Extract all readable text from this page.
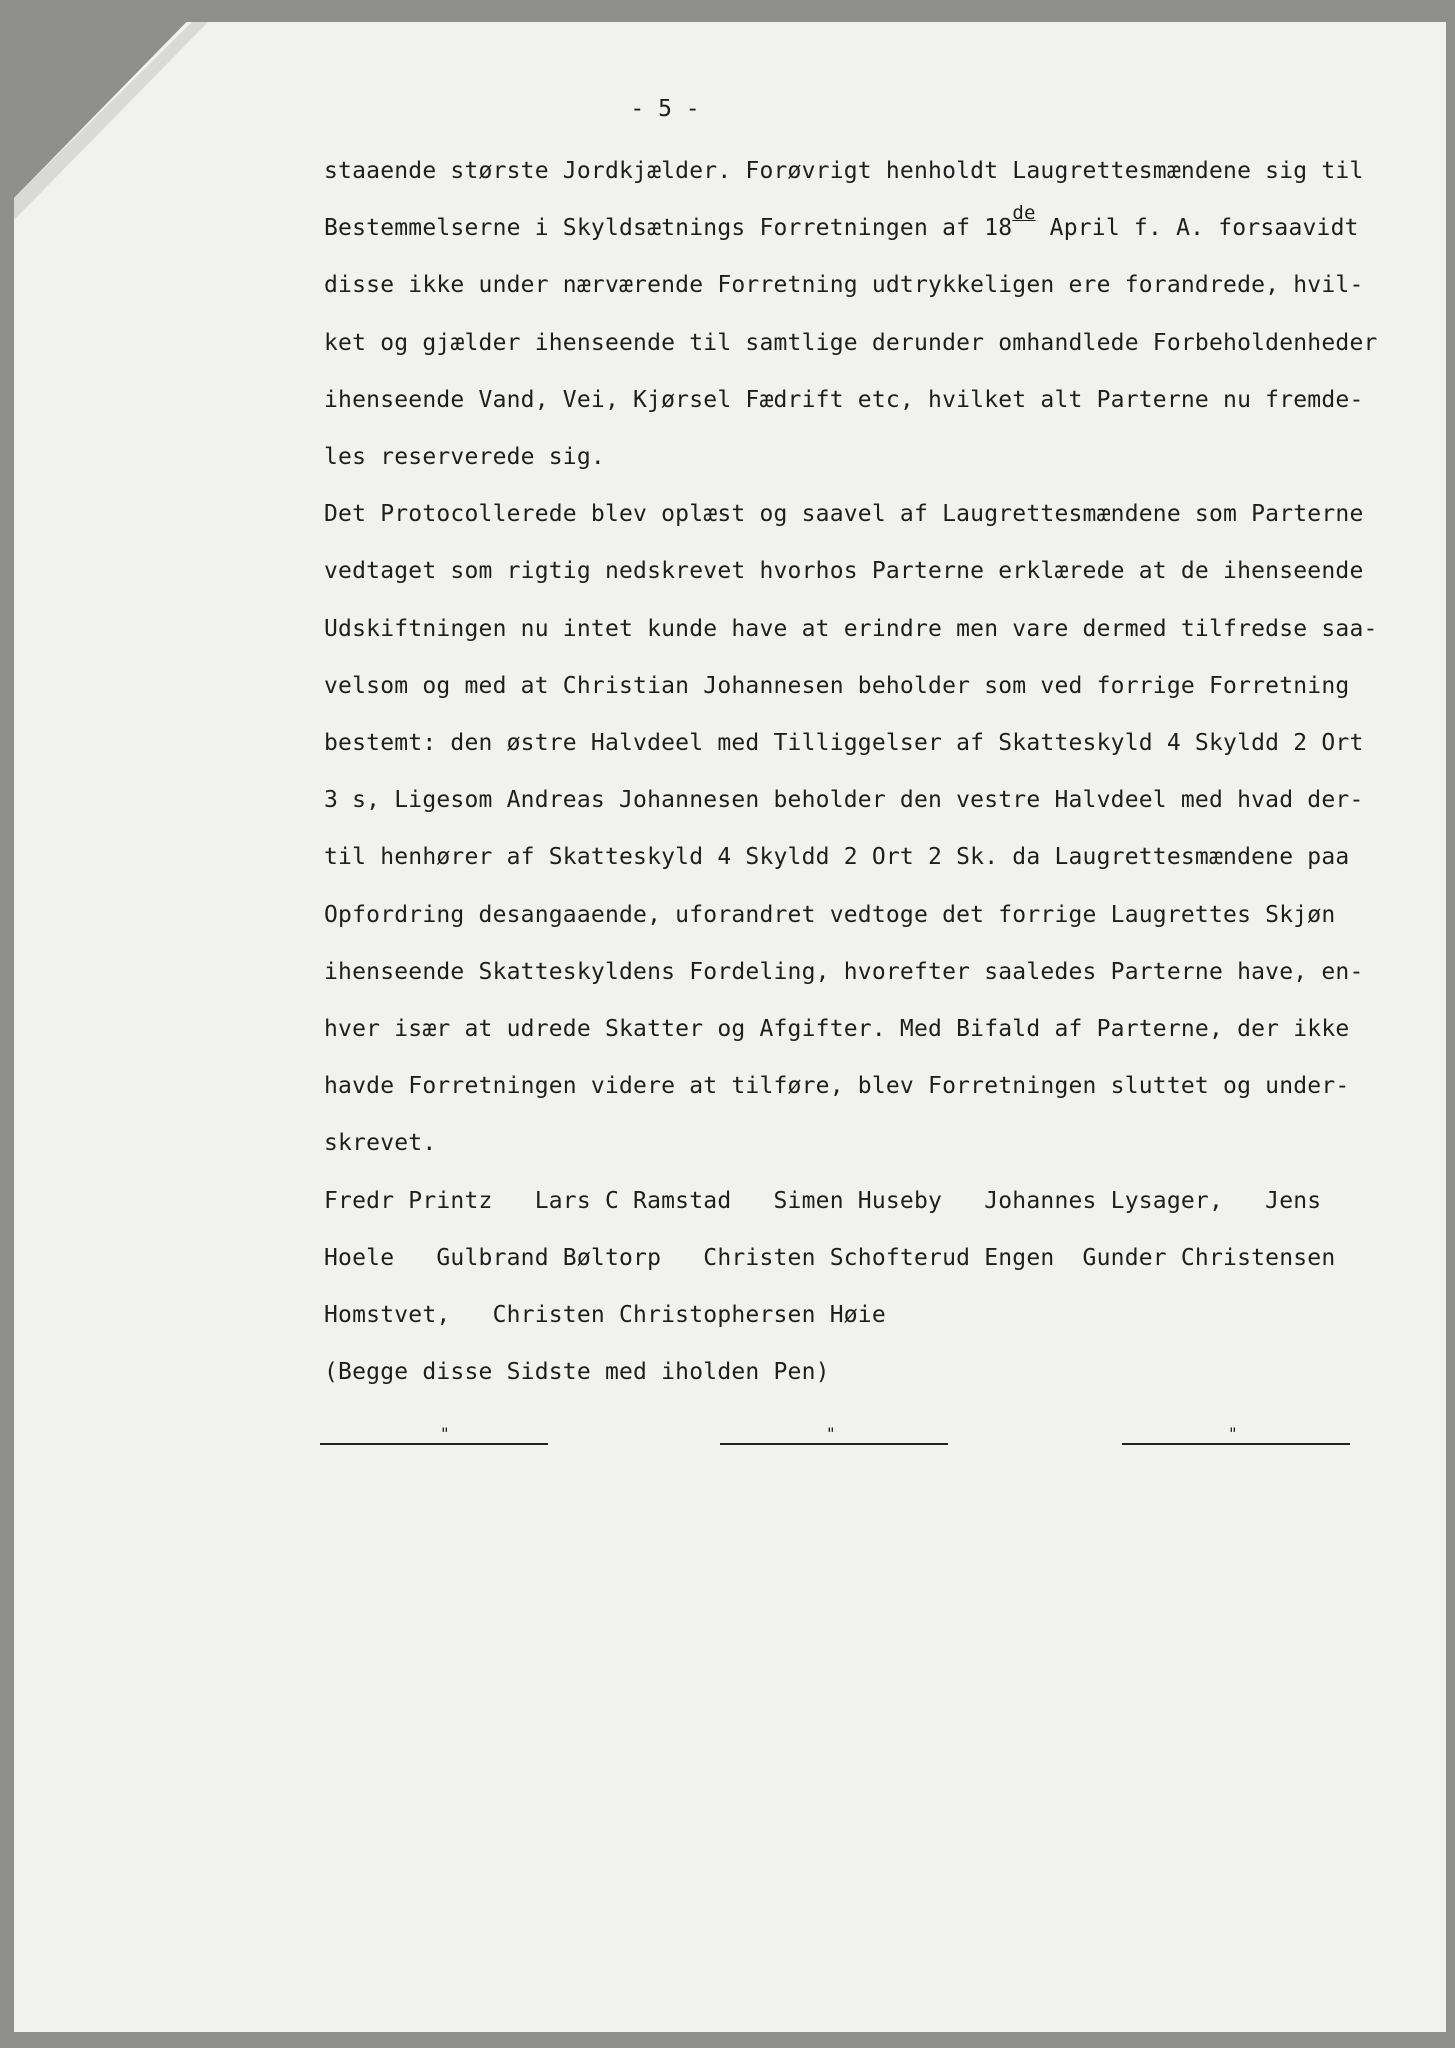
- 5 -
staaende største Jordkjælder. Forøvrigt henholdt Laugrettesmændene sig til
Bestemmelserne i Skyldsætnings Forretningen af 18de April f. A. forsaavidt
disse ikke under nærværende Forretning udtrykkeligen ere forandrede, hvil-
ket og gjælder ihenseende til samtlige derunder omhandlede Forbeholdenheder
ihenseende Vand, Vei, Kjørsel Fædrift etc, hvilket alt Parterne nu fremde-
les reserverede sig.
Det Protocollerede blev oplæst og saavel af Laugrettesmændene som Parterne
vedtaget som rigtig nedskrevet hvorhos Parterne erklærede at de ihenseende
Udskiftningen nu intet kunde have at erindre men vare dermed tilfredse saa-
velsom og med at Christian Johannesen beholder som ved forrige Forretning
bestemt: den østre Halvdeel med Tilliggelser af Skatteskyld 4 Skyldd 2 Ort
3 s, Ligesom Andreas Johannesen beholder den vestre Halvdeel med hvad der-
til henhører af Skatteskyld 4 Skyldd 2 Ort 2 Sk. da Laugrettesmændene paa
Opfordring desangaaende, uforandret vedtoge det forrige Laugrettes Skjøn
ihenseende Skatteskyldens Fordeling, hvorefter saaledes Parterne have, en-
hver især at udrede Skatter og Afgifter. Med Bifald af Parterne, der ikke
havde Forretningen videre at tilføre, blev Forretningen sluttet og under-
skrevet.
Fredr Printz   Lars C Ramstad   Simen Huseby   Johannes Lysager,   Jens
Hoele   Gulbrand Bøltorp   Christen Schofterud Engen  Gunder Christensen
Homstvet,   Christen Christophersen Høie
(Begge disse Sidste med iholden Pen)
"	"	"
